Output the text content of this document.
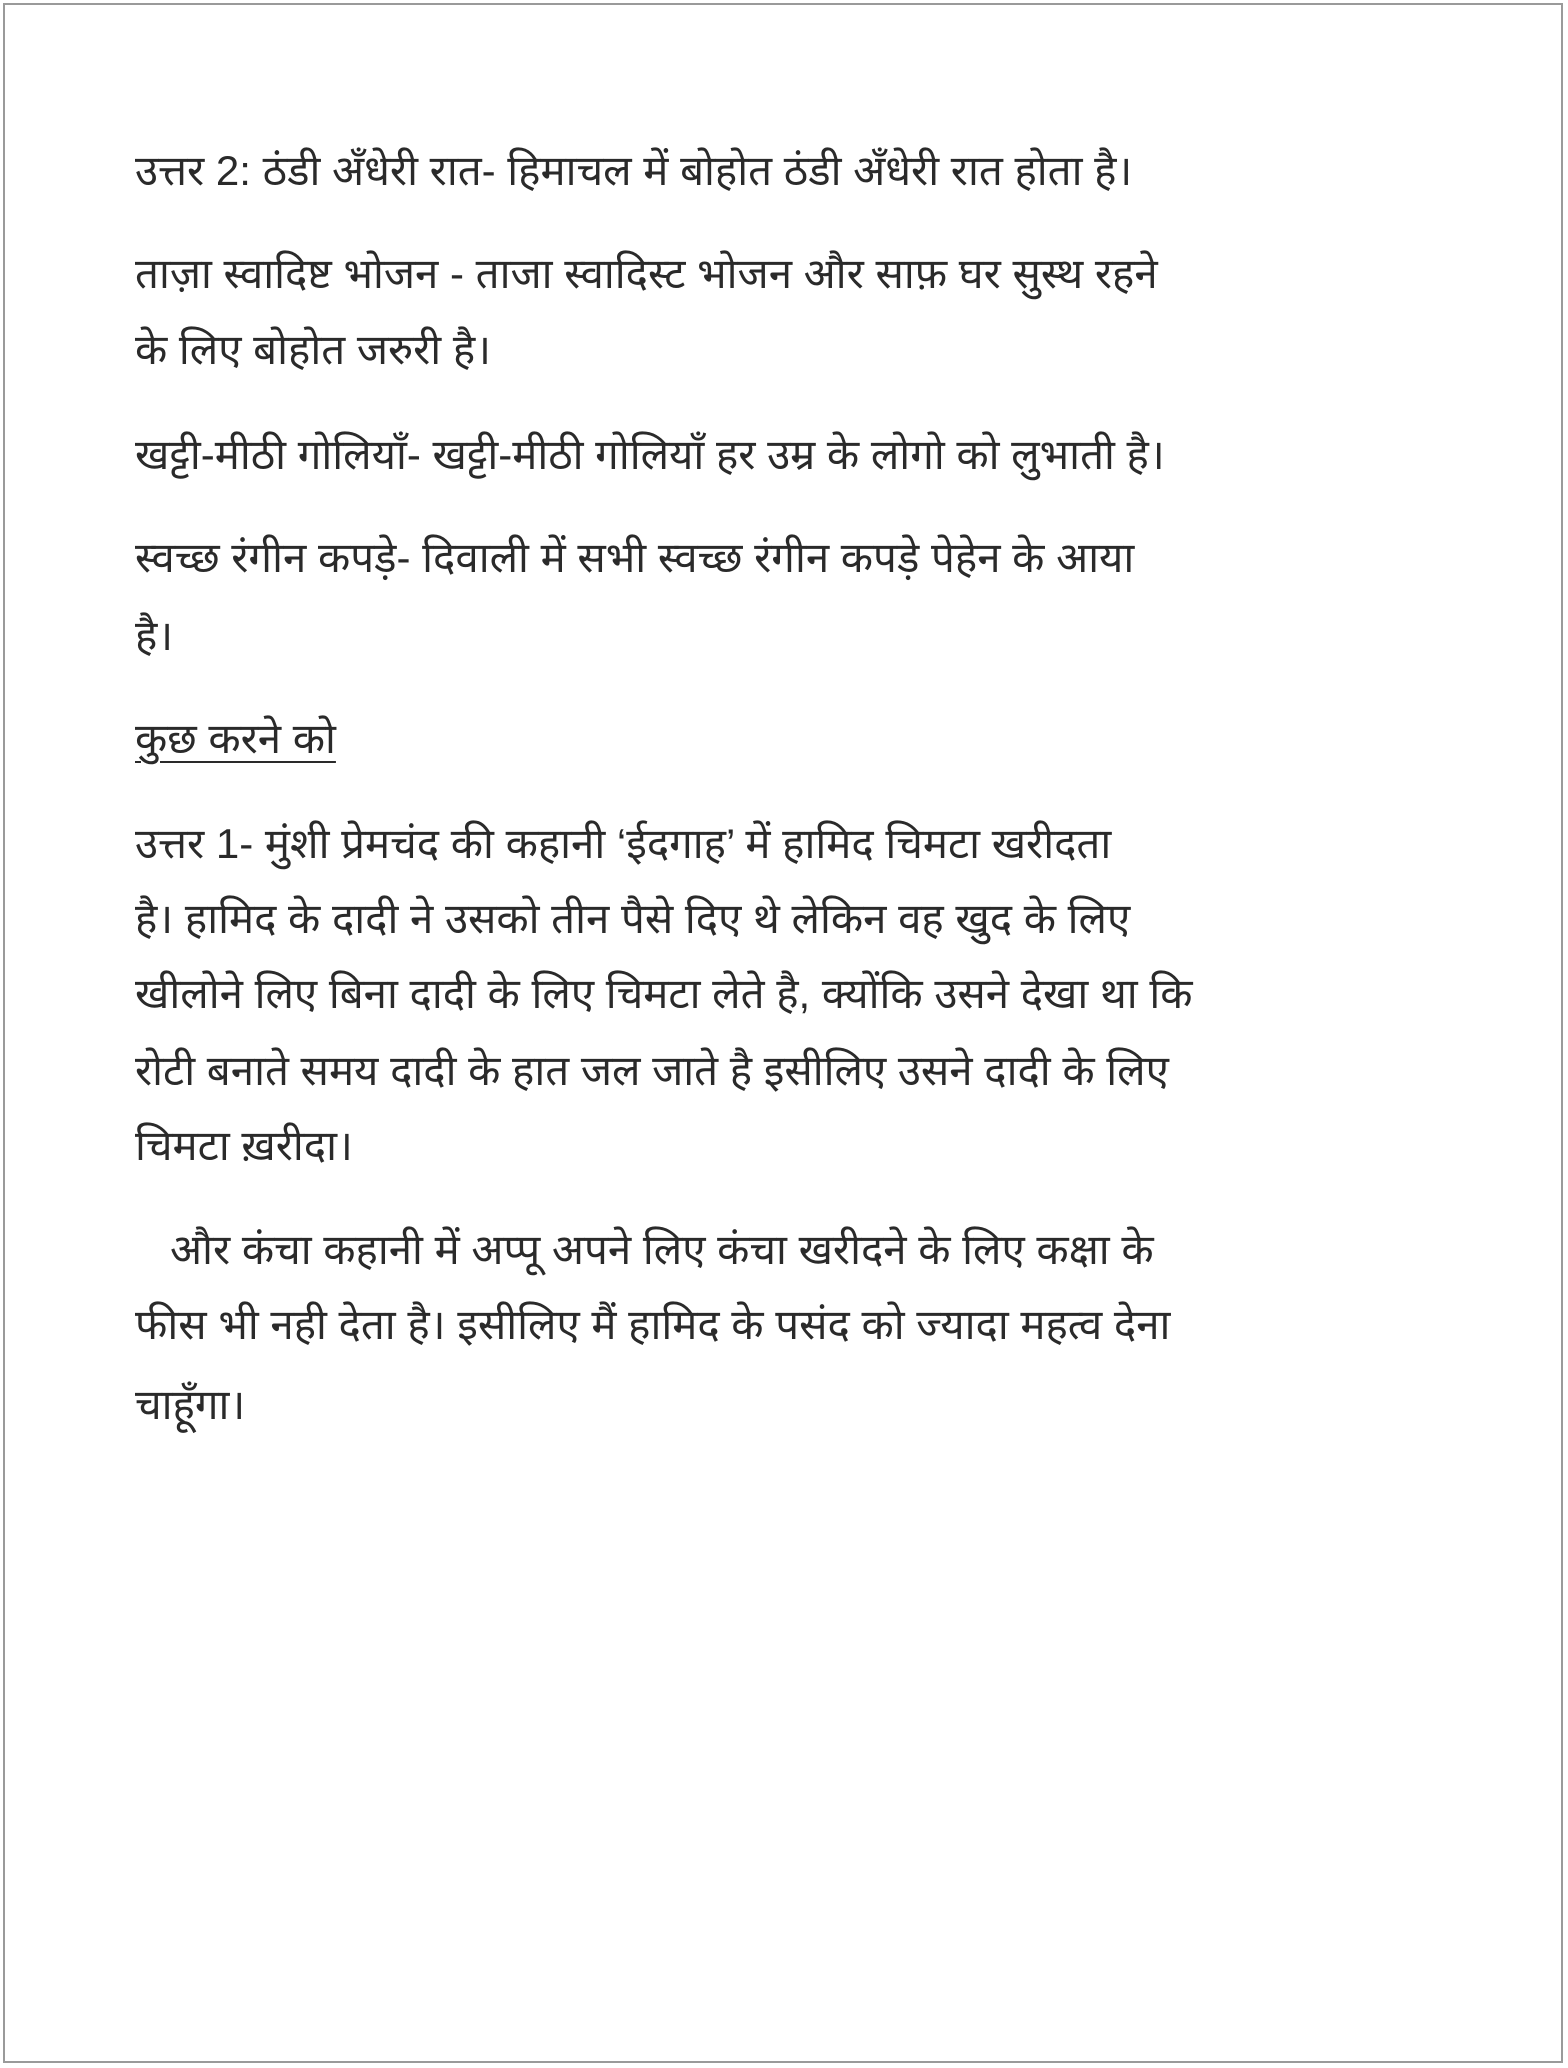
उत्तर 2: ठंडी अँधेरी रात- हिमाचल में बोहोत ठंडी अँधेरी रात होता है।
ताज़ा स्वादिष्ट भोजन - ताजा स्वादिस्ट भोजन और साफ़ घर सुस्थ रहने
के लिए बोहोत जरुरी है।
खट्टी-मीठी गोलियाँ- खट्टी-मीठी गोलियाँ हर उम्र के लोगो को लुभाती है।
स्वच्छ रंगीन कपड़े- दिवाली में सभी स्वच्छ रंगीन कपड़े पेहेन के आया
है।
कुछ करने को
उत्तर 1- मुंशी प्रेमचंद की कहानी ‘ईदगाह’ में हामिद चिमटा खरीदता
है। हामिद के दादी ने उसको तीन पैसे दिए थे लेकिन वह खुद के लिए
खीलोने लिए बिना दादी के लिए चिमटा लेते है, क्योंकि उसने देखा था कि
रोटी बनाते समय दादी के हात जल जाते है इसीलिए उसने दादी के लिए
चिमटा ख़रीदा।
और कंचा कहानी में अप्पू अपने लिए कंचा खरीदने के लिए कक्षा के
फीस भी नही देता है। इसीलिए मैं हामिद के पसंद को ज्यादा महत्व देना
चाहूँगा।
